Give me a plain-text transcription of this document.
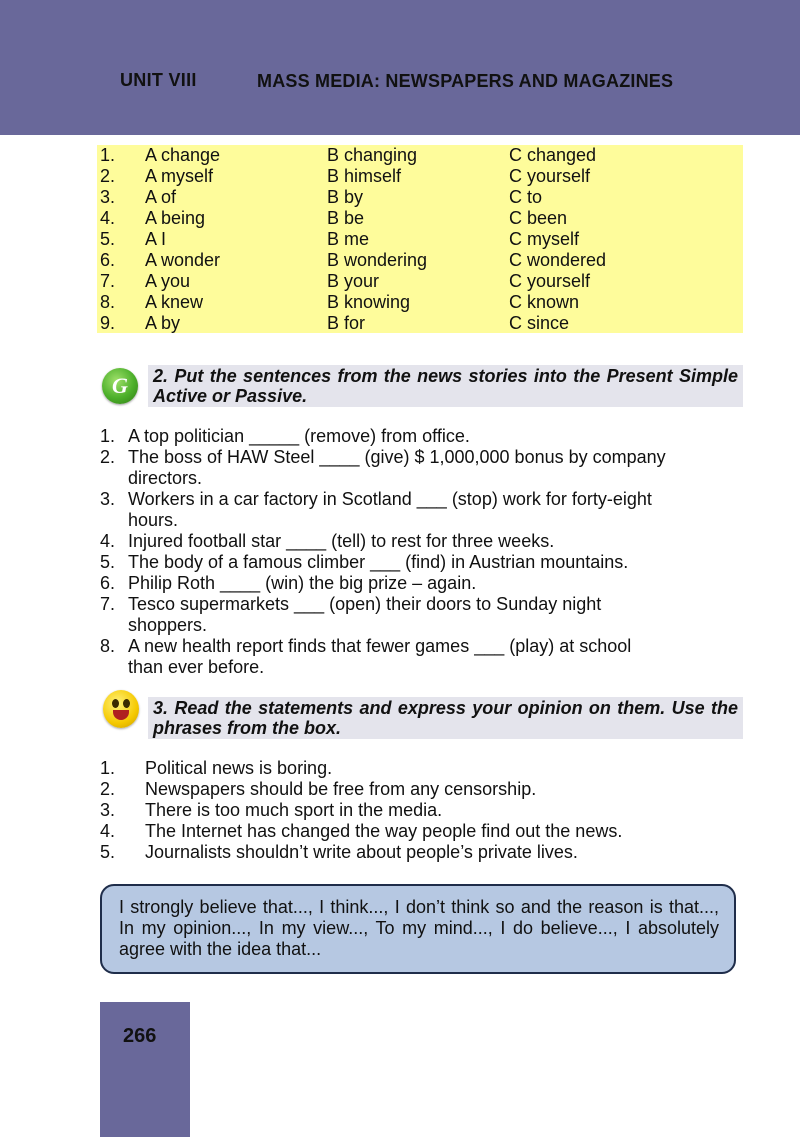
UNIT VIII	MASS MEDIA: NEWSPAPERS AND MAGAZINES
1. A change	B changing	C changed
2. A myself	B himself	C yourself
3. A of	B by	C to
4. A being	B be	C been
5. A I	B me	C myself
6. A wonder	B wondering	C wondered
7. A you	B your	C yourself
8. A knew	B knowing	C known
9. A by	B for	C since
G	2. Put the sentences from the news stories into the Present Simple Active or Passive.
1. A top politician _____ (remove) from office.
2. The boss of HAW Steel ____ (give) $ 1,000,000 bonus by company
directors.
3. Workers in a car factory in Scotland ___ (stop) work for forty-eight
hours.
4. Injured football star ____ (tell) to rest for three weeks.
5. The body of a famous climber ___ (find) in Austrian mountains.
6. Philip Roth ____ (win) the big prize – again.
7. Tesco supermarkets ___ (open) their doors to Sunday night
shoppers.
8. A new health report finds that fewer games ___ (play) at school
than ever before.
3. Read the statements and express your opinion on them. Use the phrases from the box.
1. Political news is boring.
2. Newspapers should be free from any censorship.
3. There is too much sport in the media.
4. The Internet has changed the way people find out the news.
5. Journalists shouldn’t write about people’s private lives.
I strongly believe that..., I think..., I don’t think so and the reason is that..., In my opinion..., In my view..., To my mind..., I do believe..., I absolutely agree with the idea that...
266
